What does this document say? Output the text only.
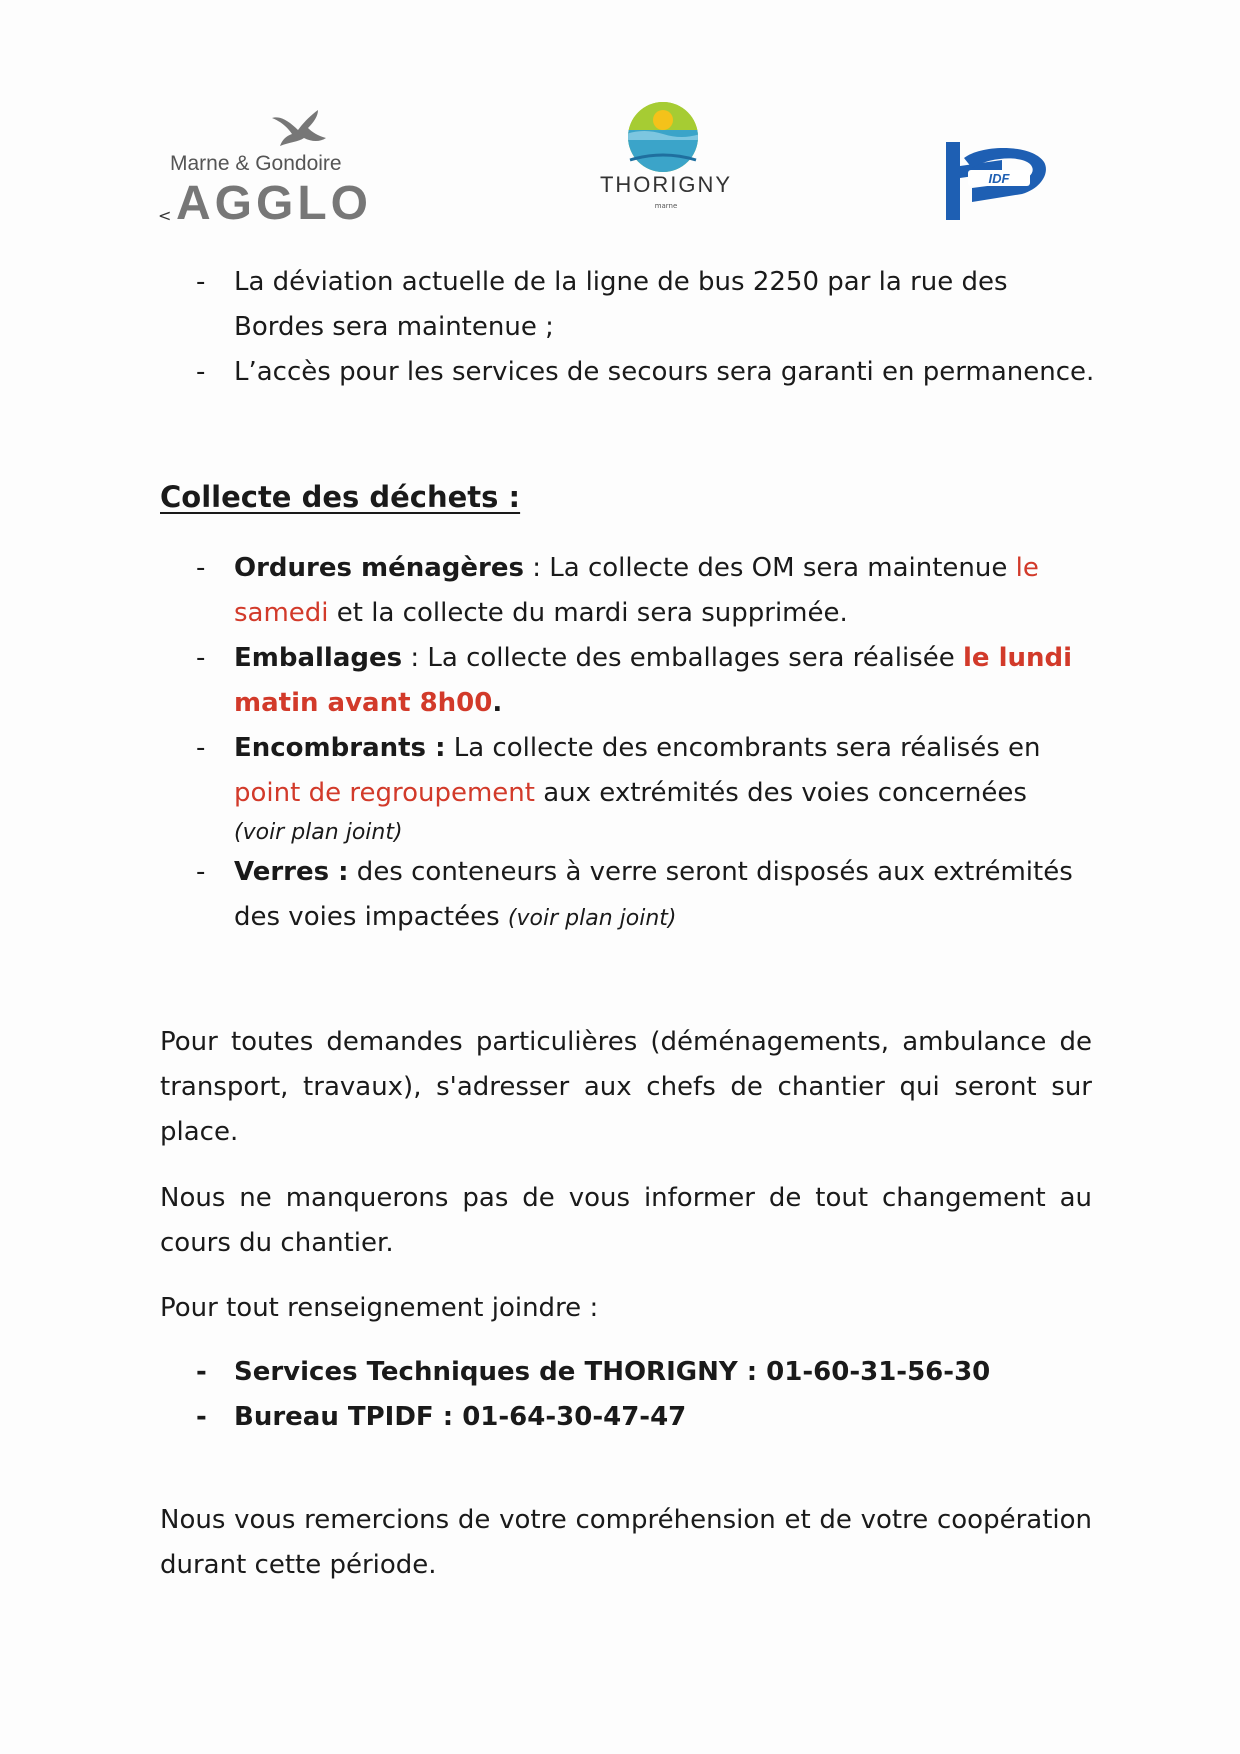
Marne & Gondoire
AGGLO
<
THORIGNY
marne
IDF
- La déviation actuelle de la ligne de bus 2250 par la rue des Bordes sera maintenue ;
- L’accès pour les services de secours sera garanti en permanence.
Collecte des déchets :
- Ordures ménagères : La collecte des OM sera maintenue le samedi et la collecte du mardi sera supprimée.
- Emballages : La collecte des emballages sera réalisée le lundi matin avant 8h00.
- Encombrants : La collecte des encombrants sera réalisés en point de regroupement aux extrémités des voies concernées
(voir plan joint)
- Verres : des conteneurs à verre seront disposés aux extrémités des voies impactées (voir plan joint)

Pour toutes demandes particulières (déménagements, ambulance de transport, travaux), s'adresser aux chefs de chantier qui seront sur place.

Nous ne manquerons pas de vous informer de tout changement au cours du chantier.

Pour tout renseignement joindre :

- Services Techniques de THORIGNY : 01-60-31-56-30
- Bureau TPIDF : 01-64-30-47-47

Nous vous remercions de votre compréhension et de votre coopération durant cette période.
